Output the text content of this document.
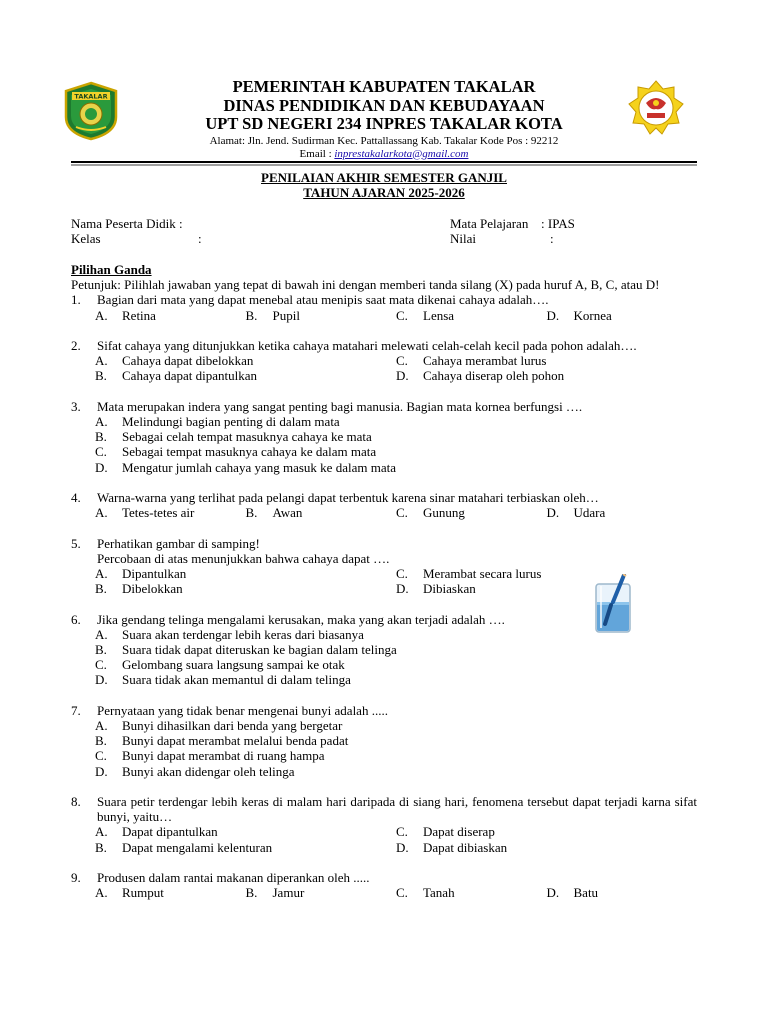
TAKALAR
PEMERINTAH KABUPATEN TAKALAR
DINAS PENDIDIKAN DAN KEBUDAYAAN
UPT SD NEGERI 234 INPRES TAKALAR KOTA
Alamat: Jln. Jend. Sudirman Kec. Pattallassang Kab. Takalar Kode Pos : 92212
Email : inprestakalarkota@gmail.com
PENILAIAN AKHIR SEMESTER GANJIL
TAHUN AJARAN 2025-2026
Nama Peserta Didik :
Kelas	:
Mata Pelajaran : IPAS
Nilai	:
Pilihan Ganda
Petunjuk: Pilihlah jawaban yang tepat di bawah ini dengan memberi tanda silang (X) pada huruf A, B, C, atau D!
1.	Bagian dari mata yang dapat menebal atau menipis saat mata dikenai cahaya adalah….
A.	Retina	B.	Pupil	C.	Lensa	D.	Kornea
2.	Sifat cahaya yang ditunjukkan ketika cahaya matahari melewati celah-celah kecil pada pohon adalah….
A.	Cahaya dapat dibelokkan	C.	Cahaya merambat lurus
B.	Cahaya dapat dipantulkan	D.	Cahaya diserap oleh pohon
3.	Mata merupakan indera yang sangat penting bagi manusia. Bagian mata kornea berfungsi ….
A.	Melindungi bagian penting di dalam mata
B.	Sebagai celah tempat masuknya cahaya ke mata
C.	Sebagai tempat masuknya cahaya ke dalam mata
D.	Mengatur jumlah cahaya yang masuk ke dalam mata
4.	Warna-warna yang terlihat pada pelangi dapat terbentuk karena sinar matahari terbiaskan oleh…
A.	Tetes-tetes air	B.	Awan	C.	Gunung	D.	Udara
5.	Perhatikan gambar di samping!
Percobaan di atas menunjukkan bahwa cahaya dapat ….
A.	Dipantulkan	C.	Merambat secara lurus
B.	Dibelokkan	D.	Dibiaskan
6.	Jika gendang telinga mengalami kerusakan, maka yang akan terjadi adalah ….
A.	Suara akan terdengar lebih keras dari biasanya
B.	Suara tidak dapat diteruskan ke bagian dalam telinga
C.	Gelombang suara langsung sampai ke otak
D.	Suara tidak akan memantul di dalam telinga
7.	Pernyataan yang tidak benar mengenai bunyi adalah .....
A.	Bunyi dihasilkan dari benda yang bergetar
B.	Bunyi dapat merambat melalui benda padat
C.	Bunyi dapat merambat di ruang hampa
D.	Bunyi akan didengar oleh telinga
8.	Suara petir terdengar lebih keras di malam hari daripada di siang hari, fenomena tersebut dapat terjadi karna sifat bunyi, yaitu…
A.	Dapat dipantulkan	C.	Dapat diserap
B.	Dapat mengalami kelenturan	D.	Dapat dibiaskan
9.	Produsen dalam rantai makanan diperankan oleh .....
A.	Rumput	B.	Jamur	C.	Tanah	D.	Batu
